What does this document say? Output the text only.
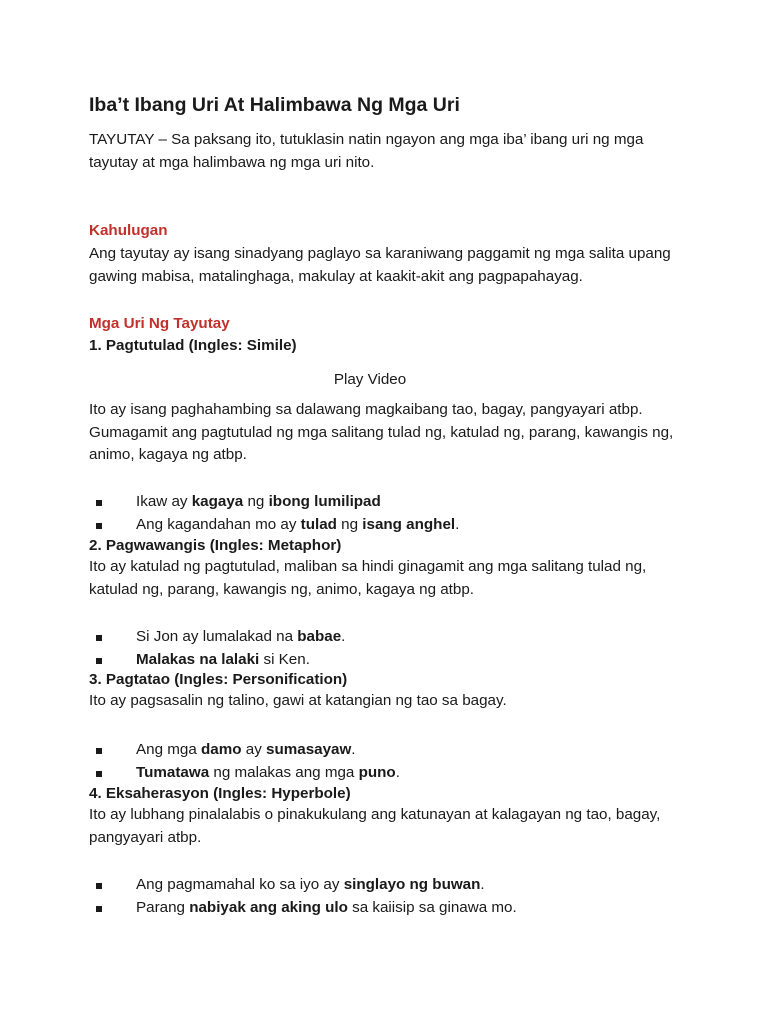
Iba’t Ibang Uri At Halimbawa Ng Mga Uri

TAYUTAY – Sa paksang ito, tutuklasin natin ngayon ang mga iba’ ibang uri ng mga tayutay at mga halimbawa ng mga uri nito.

Kahulugan

Ang tayutay ay isang sinadyang paglayo sa karaniwang paggamit ng mga salita upang gawing mabisa, matalinghaga, makulay at kaakit-akit ang pagpapahayag.

Mga Uri Ng Tayutay
1. Pagtutulad (Ingles: Simile)

Play Video

Ito ay isang paghahambing sa dalawang magkaibang tao, bagay, pangyayari atbp. Gumagamit ang pagtutulad ng mga salitang tulad ng, katulad ng, parang, kawangis ng, animo, kagaya ng atbp.

Ikaw ay kagaya ng ibong lumilipad
Ang kagandahan mo ay tulad ng isang anghel.
2. Pagwawangis (Ingles: Metaphor)

Ito ay katulad ng pagtutulad, maliban sa hindi ginagamit ang mga salitang tulad ng, katulad ng, parang, kawangis ng, animo, kagaya ng atbp.

Si Jon ay lumalakad na babae.
Malakas na lalaki si Ken.
3. Pagtatao (Ingles: Personification)

Ito ay pagsasalin ng talino, gawi at katangian ng tao sa bagay.

Ang mga damo ay sumasayaw.
Tumatawa ng malakas ang mga puno.
4. Eksaherasyon (Ingles: Hyperbole)

Ito ay lubhang pinalalabis o pinakukulang ang katunayan at kalagayan ng tao, bagay, pangyayari atbp.

Ang pagmamahal ko sa iyo ay singlayo ng buwan.
Parang nabiyak ang aking ulo sa kaiisip sa ginawa mo.
